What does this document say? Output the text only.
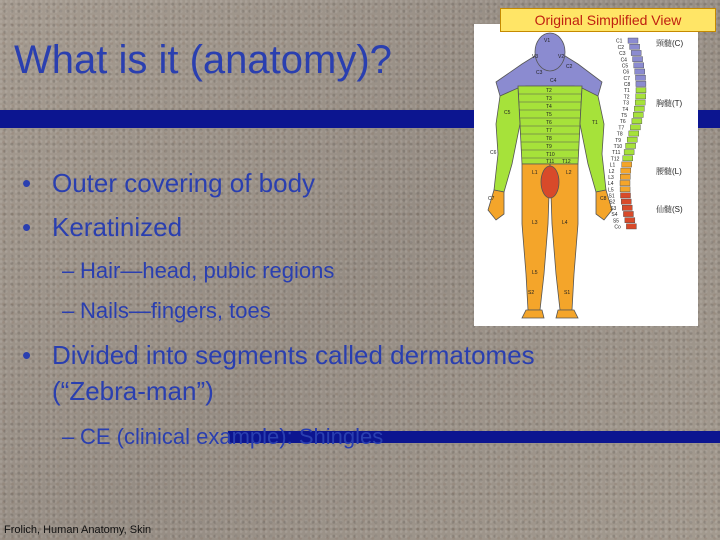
What is it (anatomy)?	C1
C2
C3
C4
C5
C6
C7
C8
T1
T2
T3
T4
T5
T6
T7
T8
T9
T10
T11
T12
L1
L2
L3
L4
L5
S1
S2
S3
S4
S5
Co
頸髄(C)
胸髄(T)
腰髄(L)
仙髄(S)
V1
V2
V3
C2
C3
C4
T2
T3
T4
T5
T6
T7
T8
T9
T10
T11 T12
C5
C6
T1
C7	C8
L1	L2
L3	L4
L5
S1
S2
Original Simplified View
• Outer covering of body
• Keratinized
– Hair—head, pubic regions
– Nails—fingers, toes
• Divided into segments called dermatomes
(“Zebra-man”)
– CE (clinical example): Shingles
Frolich, Human Anatomy, Skin
